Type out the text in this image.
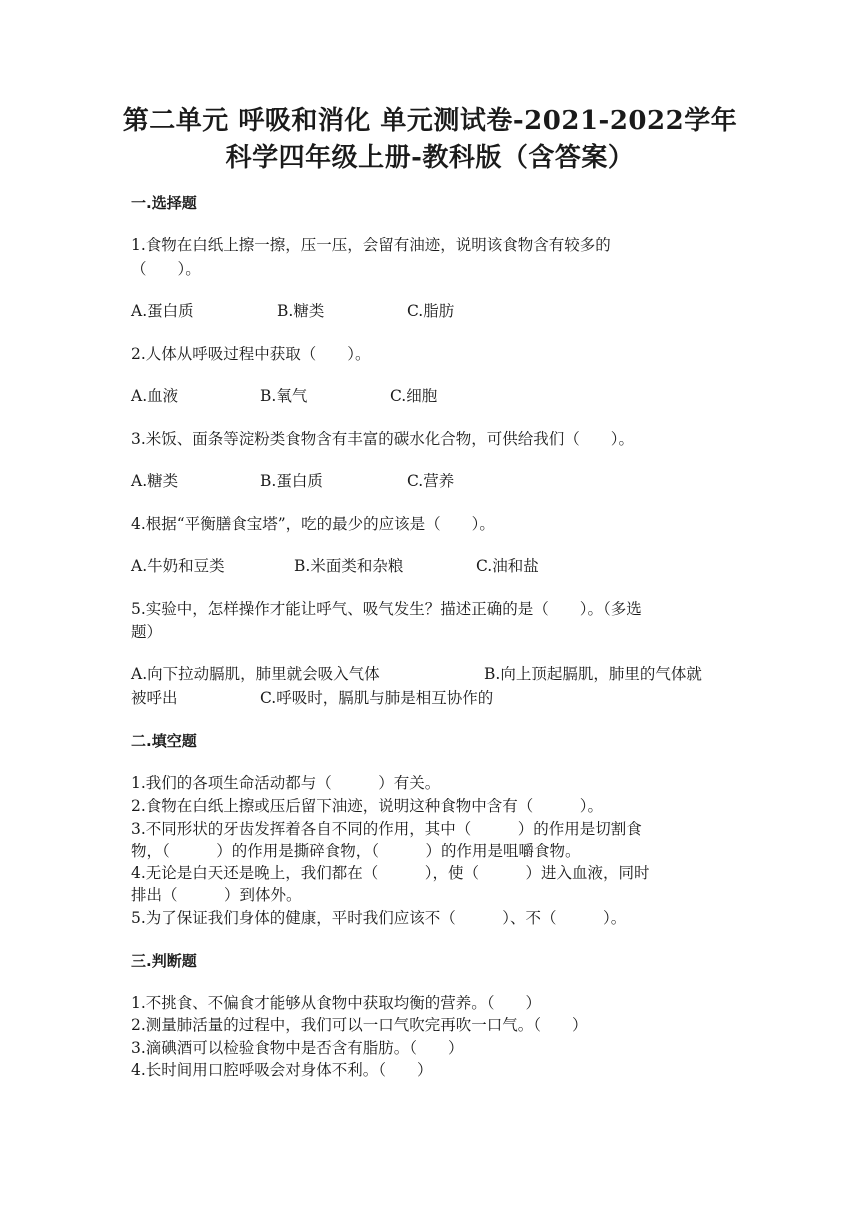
第二单元 呼吸和消化 单元测试卷-2021-2022学年
科学四年级上册-教科版（含答案）
一.选择题
1.食物在白纸上擦一擦，压一压，会留有油迹，说明该食物含有较多的
（　　）。
A.蛋白质	B.糖类	C.脂肪
2.人体从呼吸过程中获取（　　）。
A.血液	B.氧气	C.细胞
3.米饭、面条等淀粉类食物含有丰富的碳水化合物，可供给我们（　　）。
A.糖类	B.蛋白质	C.营养
4.根据“平衡膳食宝塔”，吃的最少的应该是（　　）。
A.牛奶和豆类	B.米面类和杂粮	C.油和盐
5.实验中，怎样操作才能让呼气、吸气发生？描述正确的是（　　）。（多选
题）
A.向下拉动膈肌，肺里就会吸入气体	B.向上顶起膈肌，肺里的气体就
被呼出	C.呼吸时，膈肌与肺是相互协作的
二.填空题
1.我们的各项生命活动都与（　　　）有关。
2.食物在白纸上擦或压后留下油迹，说明这种食物中含有（　　　）。
3.不同形状的牙齿发挥着各自不同的作用，其中（　　　）的作用是切割食
物，（　　　）的作用是撕碎食物，（　　　）的作用是咀嚼食物。
4.无论是白天还是晚上，我们都在（　　　），使（　　　）进入血液，同时
排出（　　　）到体外。
5.为了保证我们身体的健康，平时我们应该不（　　　）、不（　　　）。
三.判断题
1.不挑食、不偏食才能够从食物中获取均衡的营养。（　　）
2.测量肺活量的过程中，我们可以一口气吹完再吹一口气。（　　）
3.滴碘酒可以检验食物中是否含有脂肪。（　　）
4.长时间用口腔呼吸会对身体不利。（　　）
